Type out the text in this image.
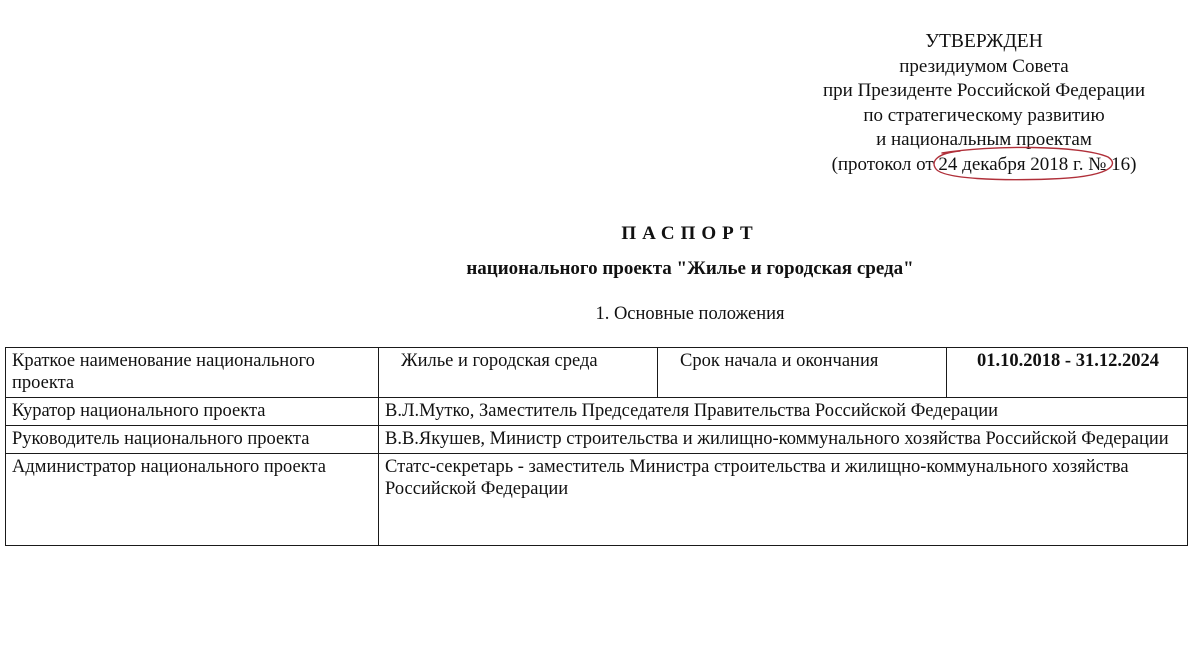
УТВЕРЖДЕН
президиумом Совета
при Президенте Российской Федерации
по стратегическому развитию
и национальным проектам
(протокол от 24 декабря 2018 г. № 16)
ПАСПОРТ
национального проекта "Жилье и городская среда"
1. Основные положения
Краткое наименование национального проекта	Жилье и городская среда	Срок начала и окончания	01.10.2018 - 31.12.2024
Куратор национального проекта	В.Л.Мутко, Заместитель Председателя Правительства Российской Федерации		
Руководитель национального проекта	В.В.Якушев, Министр строительства и жилищно-коммунального хозяйства Российской Федерации		
Администратор национального проекта	Статс-секретарь - заместитель Министра строительства и жилищно-коммунального хозяйства Российской Федерации		
